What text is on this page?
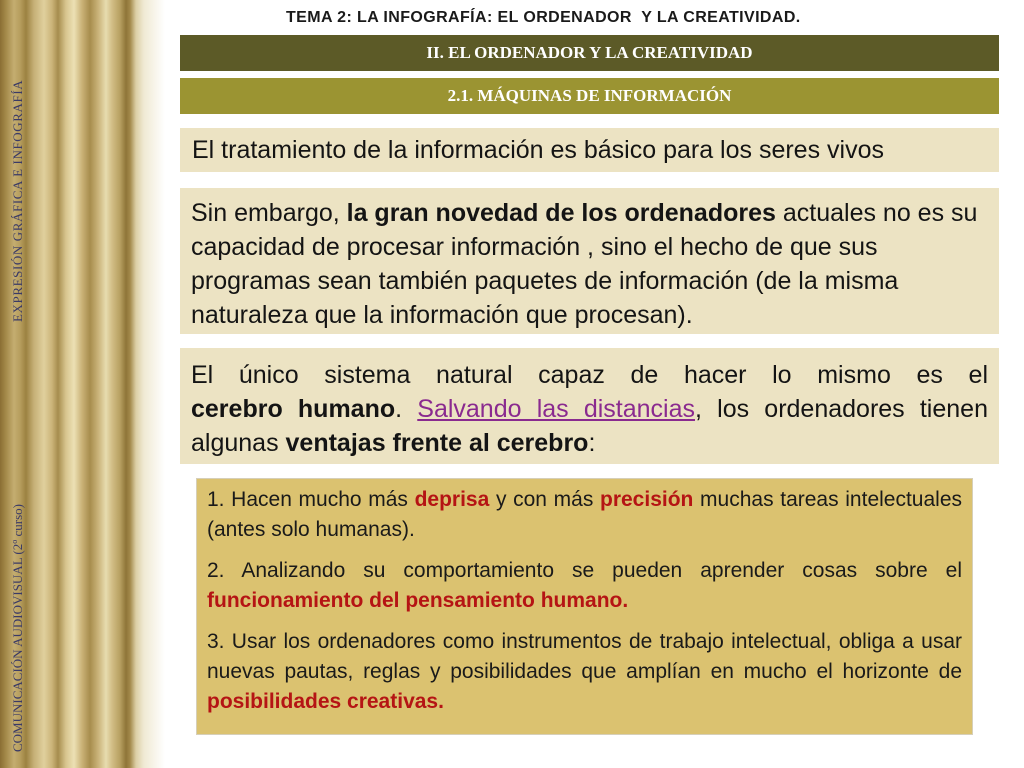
EXPRESIÓN GRÁFICA E INFOGRAFÍA
COMUNICACIÓN AUDIOVISUAL (2º curso)
TEMA 2: LA INFOGRAFÍA: EL ORDENADOR  Y LA CREATIVIDAD.
II. EL ORDENADOR Y LA CREATIVIDAD
2.1. MÁQUINAS DE INFORMACIÓN
El tratamiento de la información es básico para los seres vivos
Sin embargo, la gran novedad de los ordenadores actuales no es su capacidad de procesar información , sino el hecho de que sus programas sean también paquetes de información (de la misma naturaleza que la información que procesan).
El único sistema natural capaz de hacer lo mismo es el
cerebro humano. Salvando las distancias, los ordenadores tienen algunas ventajas frente al cerebro:

1. Hacen mucho más deprisa y con más precisión muchas tareas intelectuales (antes solo humanas).

2. Analizando su comportamiento se pueden aprender cosas sobre el funcionamiento del pensamiento humano.

3. Usar los ordenadores como instrumentos de trabajo intelectual, obliga a usar nuevas pautas, reglas y posibilidades que amplían en mucho el horizonte de posibilidades creativas.
